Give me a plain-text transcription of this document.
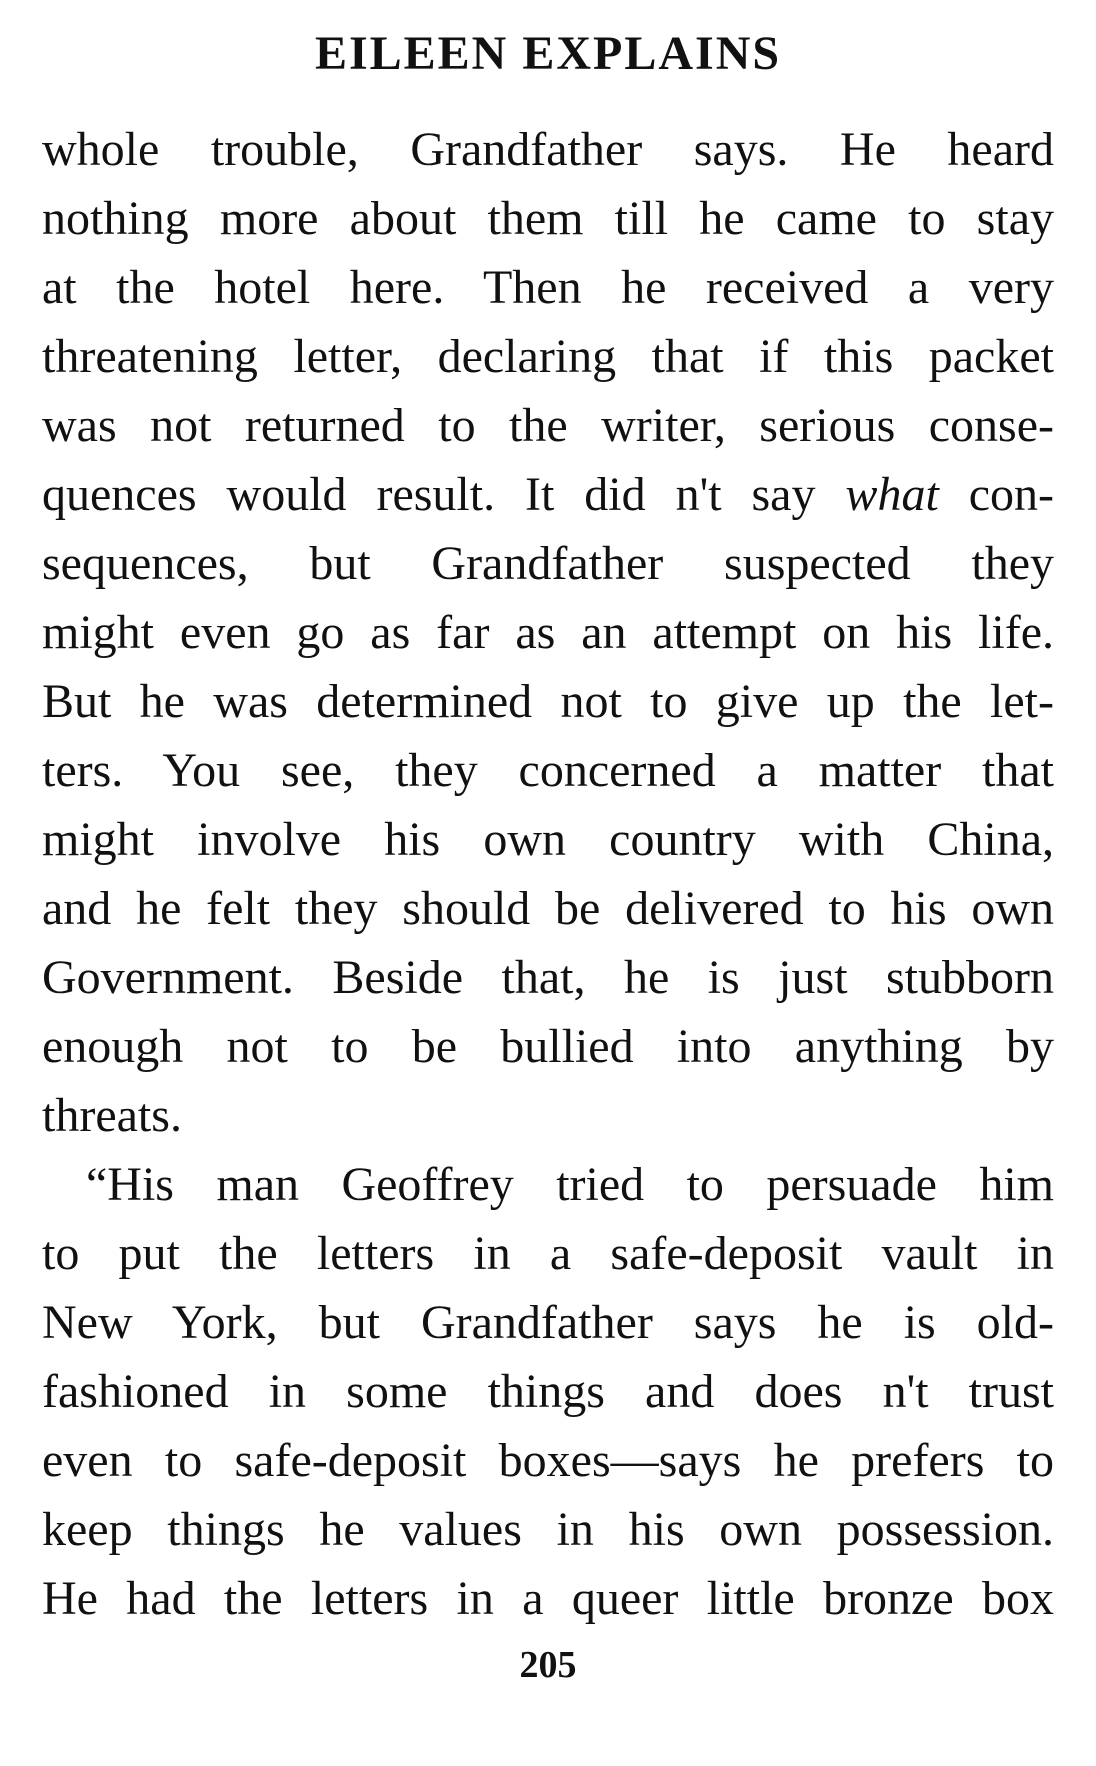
EILEEN EXPLAINS
whole trouble, Grandfather says. He heard
nothing more about them till he came to stay
at the hotel here. Then he received a very
threatening letter, declaring that if this packet
was not returned to the writer, serious conse-
quences would result. It did n't say what con-
sequences, but Grandfather suspected they
might even go as far as an attempt on his life.
But he was determined not to give up the let-
ters. You see, they concerned a matter that
might involve his own country with China,
and he felt they should be delivered to his own
Government. Beside that, he is just stubborn
enough not to be bullied into anything by
threats.
“His man Geoffrey tried to persuade him
to put the letters in a safe-deposit vault in
New York, but Grandfather says he is old-
fashioned in some things and does n't trust
even to safe-deposit boxes—says he prefers to
keep things he values in his own possession.
He had the letters in a queer little bronze box
205
